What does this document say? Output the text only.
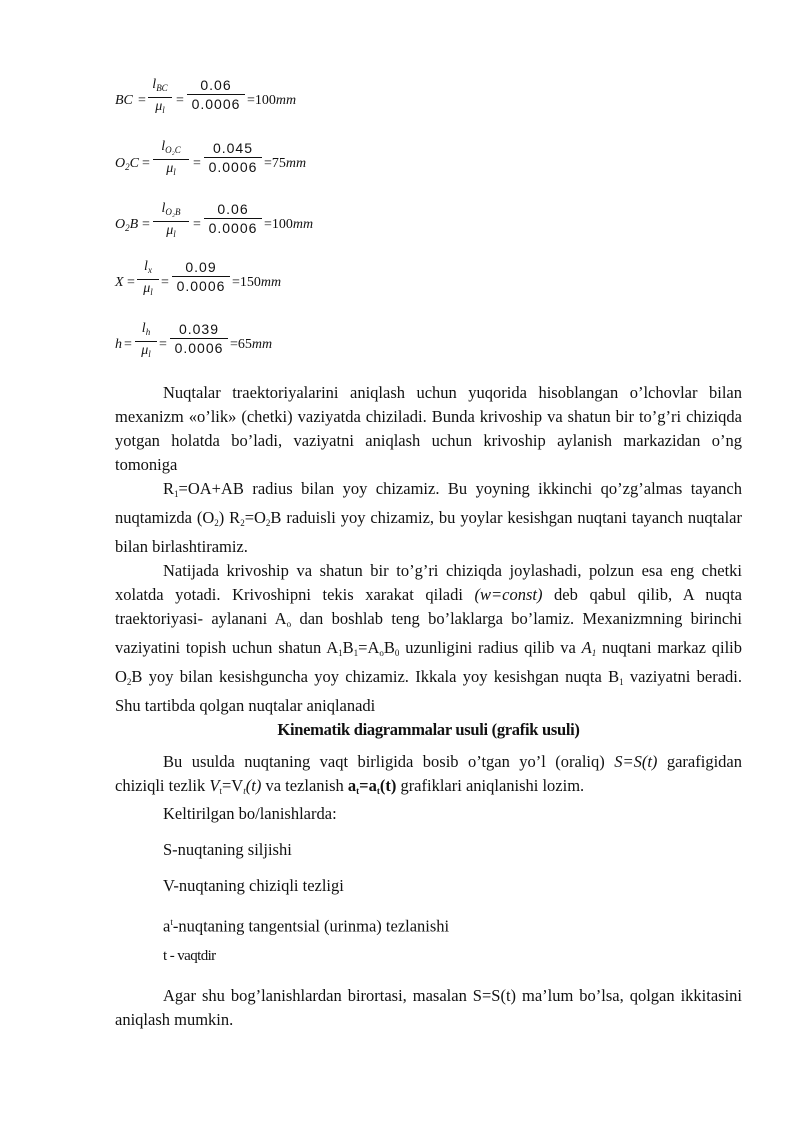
BC =
$l_{BC}$
$\mu_l$
= $\frac{0.06}{0.0006} =100mm$
$O_2C = \frac{l_{O_2C}}{\mu_l} = \frac{0.045}{0.0006} =75mm$
$O_2B = \frac{l_{O_2B}}{\mu_l} = \frac{0.06}{0.0006} =100mm$
$X = \frac{l_x}{\mu_l} = \frac{0.09}{0.0006} =150mm$
$h = \frac{l_h}{\mu_l} = \frac{0.039}{0.0006} =65mm$

Nuqtalar traektoriyalarini aniqlash uchun yuqorida hisoblangan o’lchovlar bilan mexanizm «o’lik» (chetki) vaziyatda chiziladi. Bunda krivoship va shatun bir to’g’ri chiziqda yotgan holatda bo’ladi, vaziyatni aniqlash uchun krivoship aylanish markazidan o’ng tomoniga

$R_1=OA+AB$ radius bilan yoy chizamiz. Bu yoyning ikkinchi qo’zg’almas tayanch nuqtamizda $(O_2)$ $R_2=O_2B$ raduisli yoy chizamiz, bu yoylar kesishgan nuqtani tayanch nuqtalar bilan birlashtiramiz.

Natijada krivoship va shatun bir to’g’ri chiziqda joylashadi, polzun esa eng chetki xolatda yotadi. Krivoshipni tekis xarakat qiladi (w=const) deb qabul qilib, A nuqta traektoriyasi- aylanani $A_o$ dan boshlab teng bo’laklarga bo’lamiz. Mexanizmning birinchi vaziyatini topish uchun shatun $A_1B_1=A_oB_0$ uzunligini radius qilib va $A_1$ nuqtani markaz qilib $O_2B$ yoy bilan kesishguncha yoy chizamiz. Ikkala yoy kesishgan nuqta $B_1$ vaziyatni beradi. Shu tartibda qolgan nuqtalar aniqlanadi

Kinematik diagrammalar usuli (grafik usuli)

Bu usulda nuqtaning vaqt birligida bosib o’tgan yo’l (oraliq) S=S(t) garafigidan chiziqli tezlik $V_t=V_t(t)$ va tezlanish $a_t=a_t(t)$ grafiklari aniqlanishi lozim.

Keltirilgan bo/lanishlarda:
S-nuqtaning siljishi
V-nuqtaning chiziqli tezligi
$a^t$-nuqtaning tangentsial (urinma) tezlanishi
t - vaqtdir

Agar shu bog’lanishlardan birortasi, masalan S=S(t) ma’lum bo’lsa, qolgan ikkitasini aniqlash mumkin.
